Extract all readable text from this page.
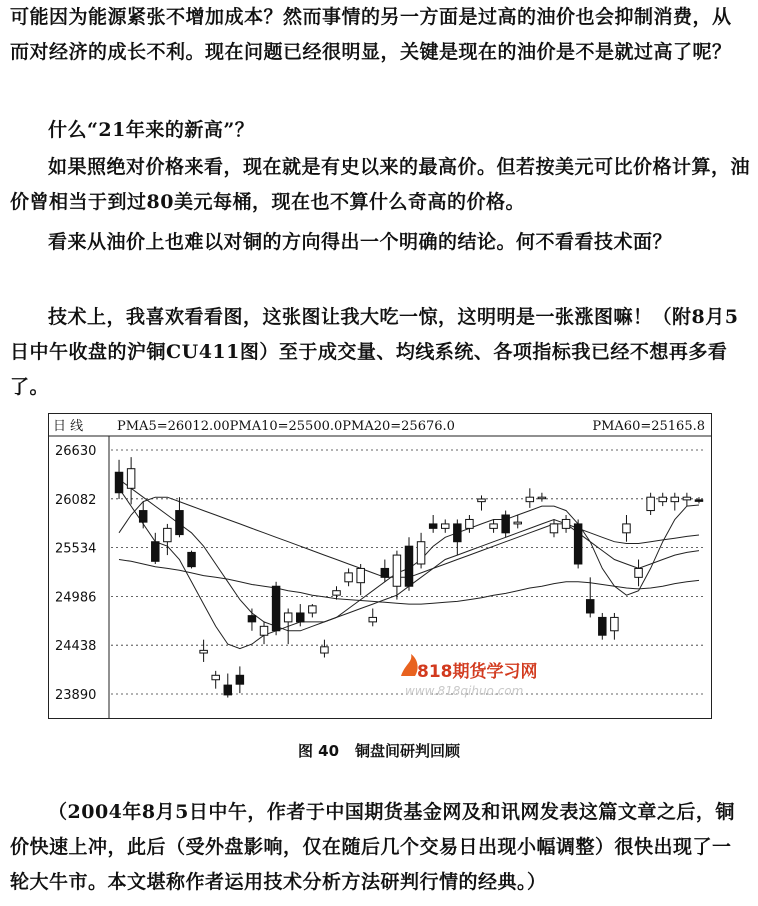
可能因为能源紧张不增加成本？然而事情的另一方面是过高的油价也会抑制消费，从而对经济的成长不利。现在问题已经很明显，关键是现在的油价是不是就过高了呢？

什么“21年来的新高”？

如果照绝对价格来看，现在就是有史以来的最高价。但若按美元可比价格计算，油价曾相当于到过80美元每桶，现在也不算什么奇高的价格。

看来从油价上也难以对铜的方向得出一个明确的结论。何不看看技术面？

技术上，我喜欢看看图，这张图让我大吃一惊，这明明是一张涨图嘛！（附8月5日中午收盘的沪铜CU411图）至于成交量、均线系统、各项指标我已经不想再多看了。

26630
26082
25534
24986
24438
23890
日 线	PMA5=26012.00PMA10=25500.0PMA20=25676.0	PMA60=25165.8
818期货学习网
www.818qihuo.com
图 40 铜盘间研判回顾

（2004年8月5日中午，作者于中国期货基金网及和讯网发表这篇文章之后，铜价快速上冲，此后（受外盘影响，仅在随后几个交易日出现小幅调整）很快出现了一轮大牛市。本文堪称作者运用技术分析方法研判行情的经典。）
